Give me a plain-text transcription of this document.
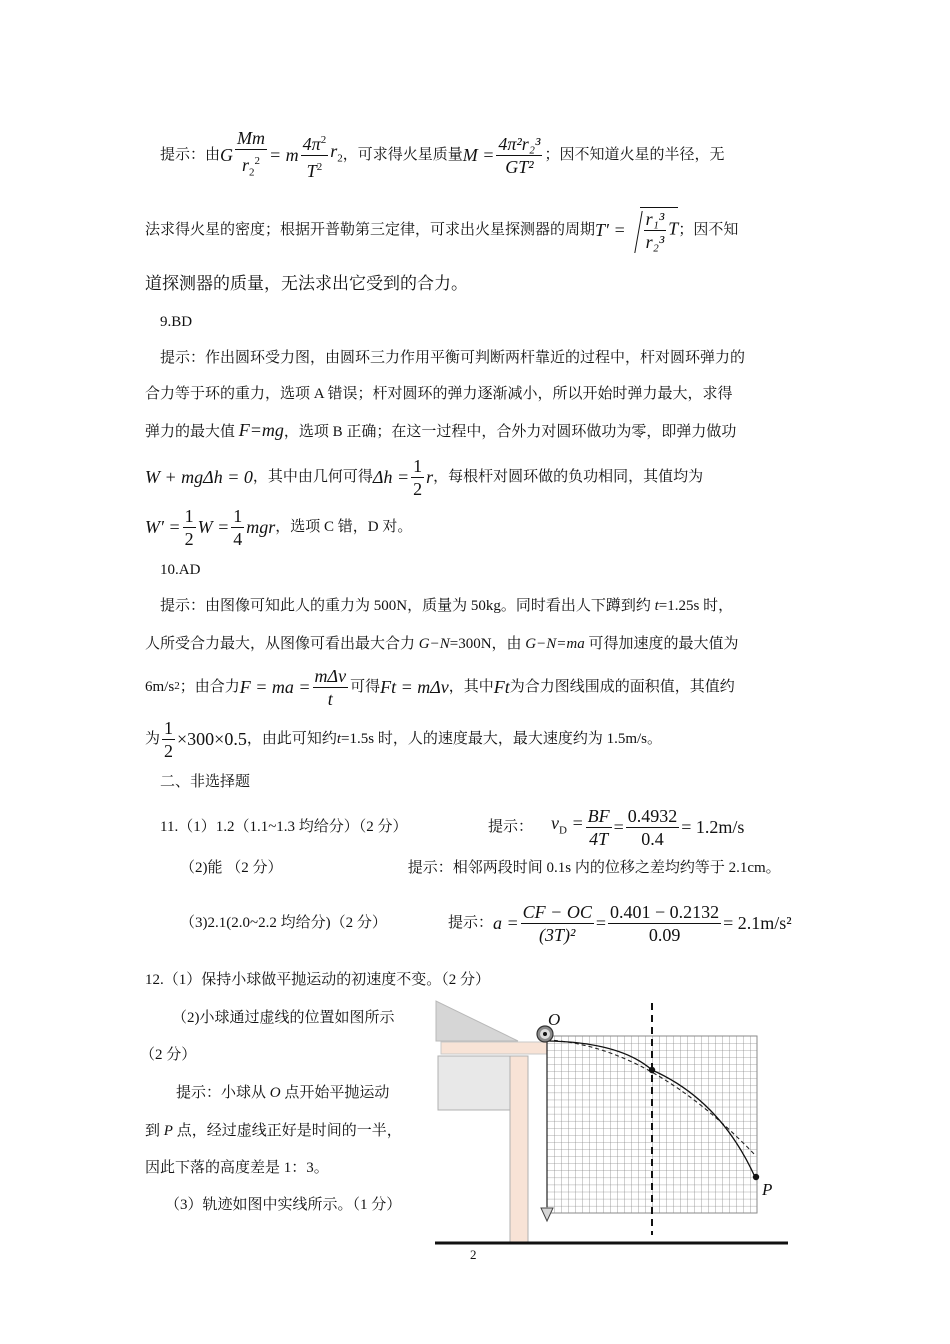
提示：由 G $\frac{Mm}{r_2^2} = m \frac{4\pi^2}{T^2} r_2$ ，可求得火星质量 $M = \frac{\text{4π²r₂³}}{\text{GT²}}$ ；因不知道火星的半径，无
法求得火星的密度；根据开普勒第三定律，可求出火星探测器的周期 $T' = \frac{\text{r₁³}}{\text{r₂³}}$ T ；因不知
道探测器的质量，无法求出它受到的合力。
9.BD
提示：作出圆环受力图，由圆环三力作用平衡可判断两杆靠近的过程中，杆对圆环弹力的
合力等于环的重力，选项 A 错误；杆对圆环的弹力逐渐减小，所以开始时弹力最大，求得
弹力的最大值 F=mg，选项 B 正确；在这一过程中，合外力对圆环做功为零，即弹力做功
W + mgΔh = 0 ，其中由几何可得 $\Delta h = \frac{1}{2}$ r ，每根杆对圆环做的负功相同，其值均为
$W' = \frac{1}{2}$ $W = \frac{1}{4}$ mgr ，选项 C 错，D 对。
10.AD
提示：由图像可知此人的重力为 500N，质量为 50kg。同时看出人下蹲到约 t=1.25s 时，
人所受合力最大，从图像可看出最大合力 G−N=300N，由 G−N=ma 可得加速度的最大值为
6m/s 2 ；由合力 F = ma = $\frac{\text{mΔv}}{t}$ 可得 Ft = mΔv ，其中 Ft 为合力图线围成的面积值，其值约
为 $\frac{1}{2} \times 300\times 0.5$ ，由此可知约 t =1.5s 时，人的速度最大，最大速度约为 1.5m/s。
二、非选择题
11.（1）1.2（1.1~1.3 均给分）（2 分）	提示： $v_D = \frac{BF}{4T} = \frac{0.4932}{0.4} = 1.2m/s$
（2)能 （2 分）	提示：相邻两段时间 0.1s 内的位移之差均约等于 2.1cm。
（3)2.1(2.0~2.2 均给分)（2 分）	提示： $a = \frac{CF - OC}{\text{(3T)²}} = \frac{0.401 - 0.2132}{0.09} = 2.1m/s^2$
12.（1）保持小球做平抛运动的初速度不变。（2 分）
（2)小球通过虚线的位置如图所示
（2 分）
提示：小球从 O 点开始平抛运动
到 P 点，经过虚线正好是时间的一半，
因此下落的高度差是 1：3。
（3）轨迹如图中实线所示。（1 分）
O
P
2
